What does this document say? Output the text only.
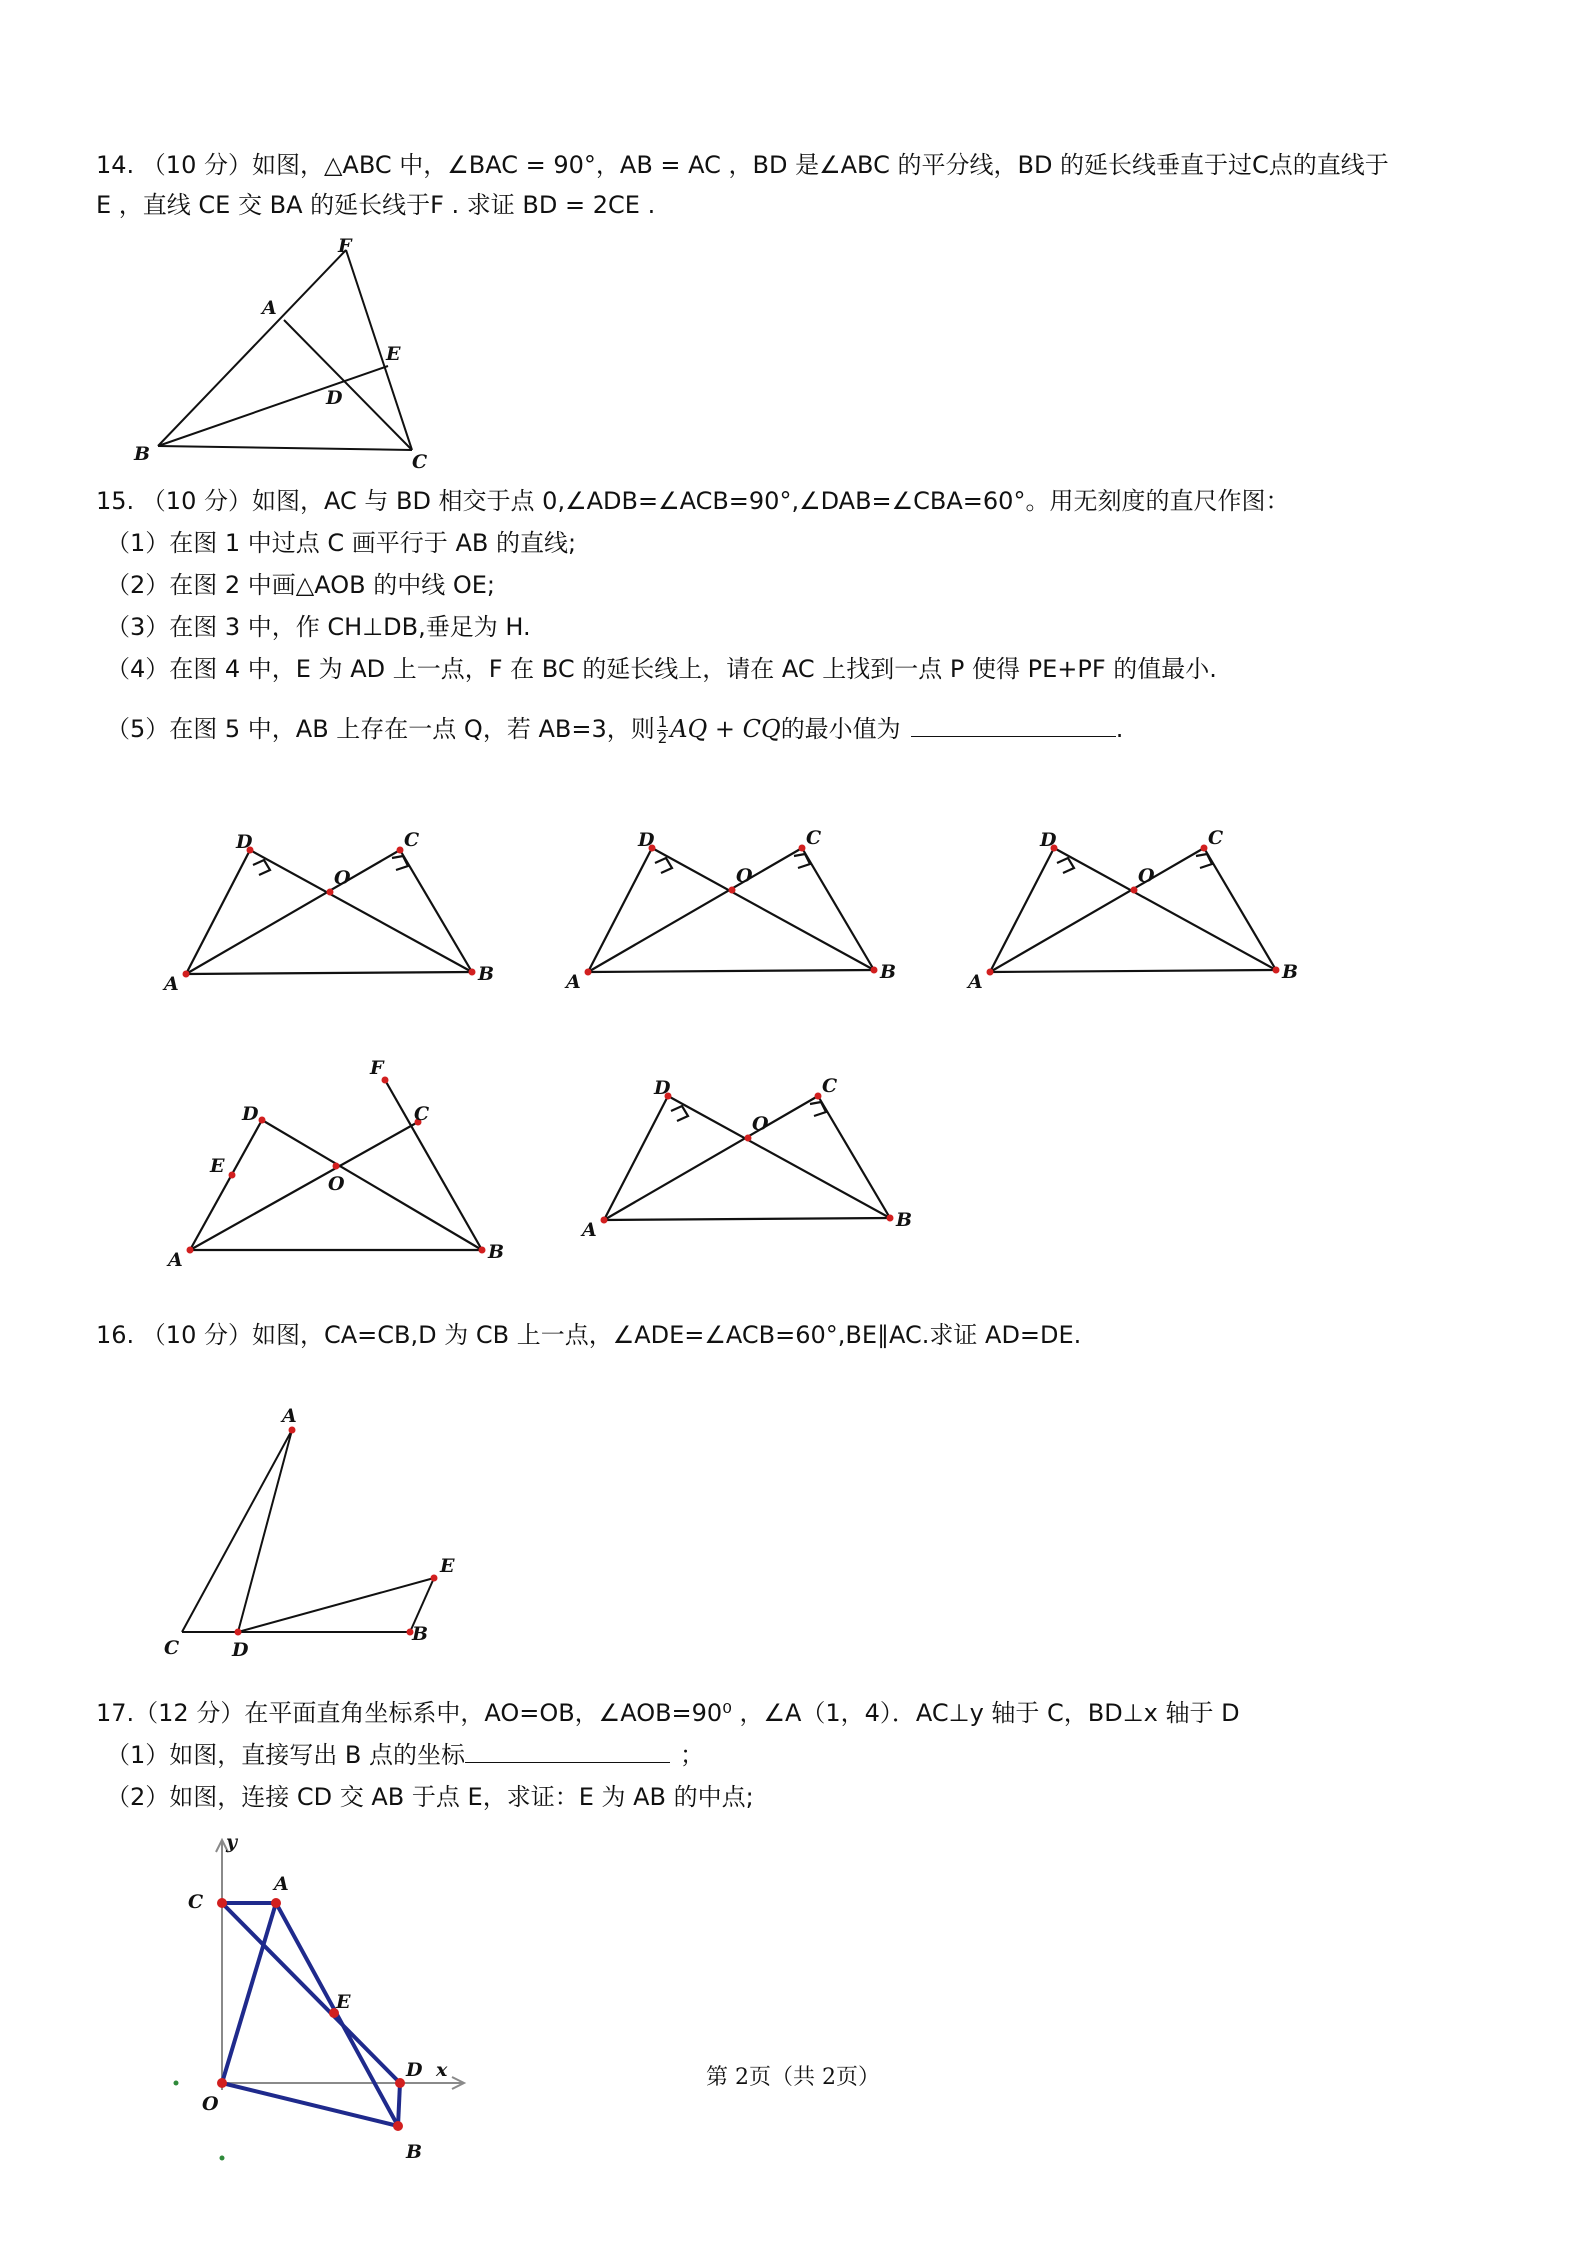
14. （10 分）如图，△ABC 中，∠BAC = 90°，AB = AC ，BD 是∠ABC 的平分线，BD 的延长线垂直于过C点的直线于
E ，直线 CE 交 BA 的延长线于F . 求证 BD = 2CE .
F
A
E
D
B	C
15. （10 分）如图，AC 与 BD 相交于点 0,∠ADB=∠ACB=90°,∠DAB=∠CBA=60°。用无刻度的直尺作图：
（1）在图 1 中过点 C 画平行于 AB 的直线;
（2）在图 2 中画△AOB 的中线 OE;
（3）在图 3 中，作 CH⊥DB,垂足为 H.
（4）在图 4 中，E 为 AD 上一点，F 在 BC 的延长线上，请在 AC 上找到一点 P 使得 PE+PF 的值最小.
（5）在图 5 中，AB 上存在一点 Q，若 AB=3，则 $\frac{1}{2}$ AQ + CQ的最小值为	.
A	B
D	C
O
A	B
D	C
O
A	B
D	C
O
A	B
D	C
O
E
F
A	B
D	C
O
16. （10 分）如图，CA=CB,D 为 CB 上一点，∠ADE=∠ACB=60°,BE∥AC.求证 AD=DE.
A
E
C	D
B
17.（12 分）在平面直角坐标系中，AO=OB，∠AOB=90⁰ ，∠A（1，4）．AC⊥y 轴于 C，BD⊥x 轴于 D
（1）如图，直接写出 B 点的坐标	；
（2）如图，连接 CD 交 AB 于点 E，求证：E 为 AB 的中点;
y
x
C
A
E
D
O
B
第 2页（共 2页）
